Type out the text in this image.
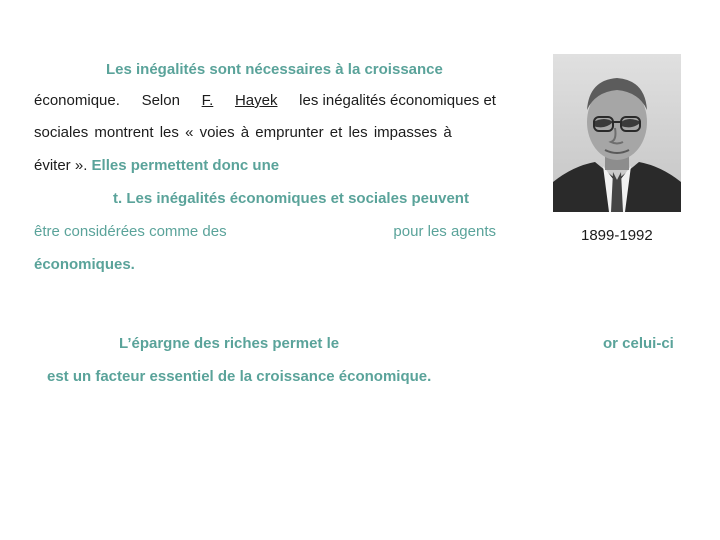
Les inégalités sont nécessaires à la croissance
économique. Selon F. Hayek les inégalités économiques et
sociales montrent les « voies à emprunter et les impasses à
éviter ». Elles permettent donc une
t. Les inégalités économiques et sociales peuvent
être considérées comme des	pour les agents
économiques.
L’épargne des riches permet le	or celui-ci
est un facteur essentiel de la croissance économique.
1899-1992
